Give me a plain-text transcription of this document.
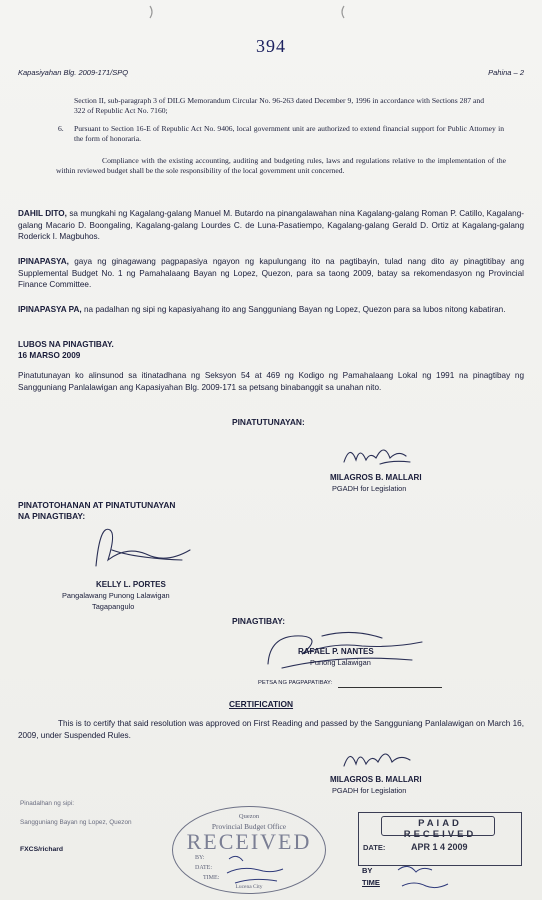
394
Kapasiyahan Blg. 2009-171/SPQ	Pahina – 2
Section II, sub-paragraph 3 of DILG Memorandum Circular No. 96-263 dated December 9, 1996 in accordance with Sections 287 and 322 of Republic Act No. 7160;
6.	Pursuant to Section 16-E of Republic Act No. 9406, local government unit are authorized to extend financial support for Public Attorney in the form of honoraria.
Compliance with the existing accounting, auditing and budgeting rules, laws and regulations relative to the implementation of the within reviewed budget shall be the sole responsibility of the local government unit concerned.
DAHIL DITO, sa mungkahi ng Kagalang-galang Manuel M. Butardo na pinangalawahan nina Kagalang-galang Roman P. Catillo, Kagalang-galang Macario D. Boongaling, Kagalang-galang Lourdes C. de Luna-Pasatiempo, Kagalang-galang Gerald D. Ortiz at Kagalang-galang Roderick I. Magbuhos.
IPINAPASYA, gaya ng ginagawang pagpapasiya ngayon ng kapulungang ito na pagtibayin, tulad nang dito ay pinagtitibay ang Supplemental Budget No. 1 ng Pamahalaang Bayan ng Lopez, Quezon, para sa taong 2009, batay sa rekomendasyon ng Provincial Finance Committee.
IPINAPASYA PA, na padalhan ng sipi ng kapasiyahang ito ang Sangguniang Bayan ng Lopez, Quezon para sa lubos nitong kabatiran.
LUBOS NA PINAGTIBAY.
16 MARSO 2009
Pinatutunayan ko alinsunod sa itinatadhana ng Seksyon 54 at 469 ng Kodigo ng Pamahalaang Lokal ng 1991 na pinagtibay ng Sangguniang Panlalawigan ang Kapasiyahan Blg. 2009-171 sa petsang binabanggit sa unahan nito.
PINATUTUNAYAN:
MILAGROS B. MALLARI
PGADH for Legislation
PINATOTOHANAN AT PINATUTUNAYAN
NA PINAGTIBAY:
KELLY L. PORTES
Pangalawang Punong Lalawigan
Tagapangulo
PINAGTIBAY:
RAFAEL P. NANTES
Punong Lalawigan
PETSA NG PAGPAPATIBAY:
CERTIFICATION
This is to certify that said resolution was approved on First Reading and passed by the Sangguniang Panlalawigan on March 16, 2009, under Suspended Rules.
MILAGROS B. MALLARI
PGADH for Legislation
Pinadalhan ng sipi:
Sangguniang Bayan ng Lopez, Quezon
FXCS/richard
Quezon
Provincial Budget Office
RECEIVED
BY:
DATE:
TIME:
Lucena City
PAIAD
RECEIVED
DATE:	APR 1 4 2009
BY
TIME
